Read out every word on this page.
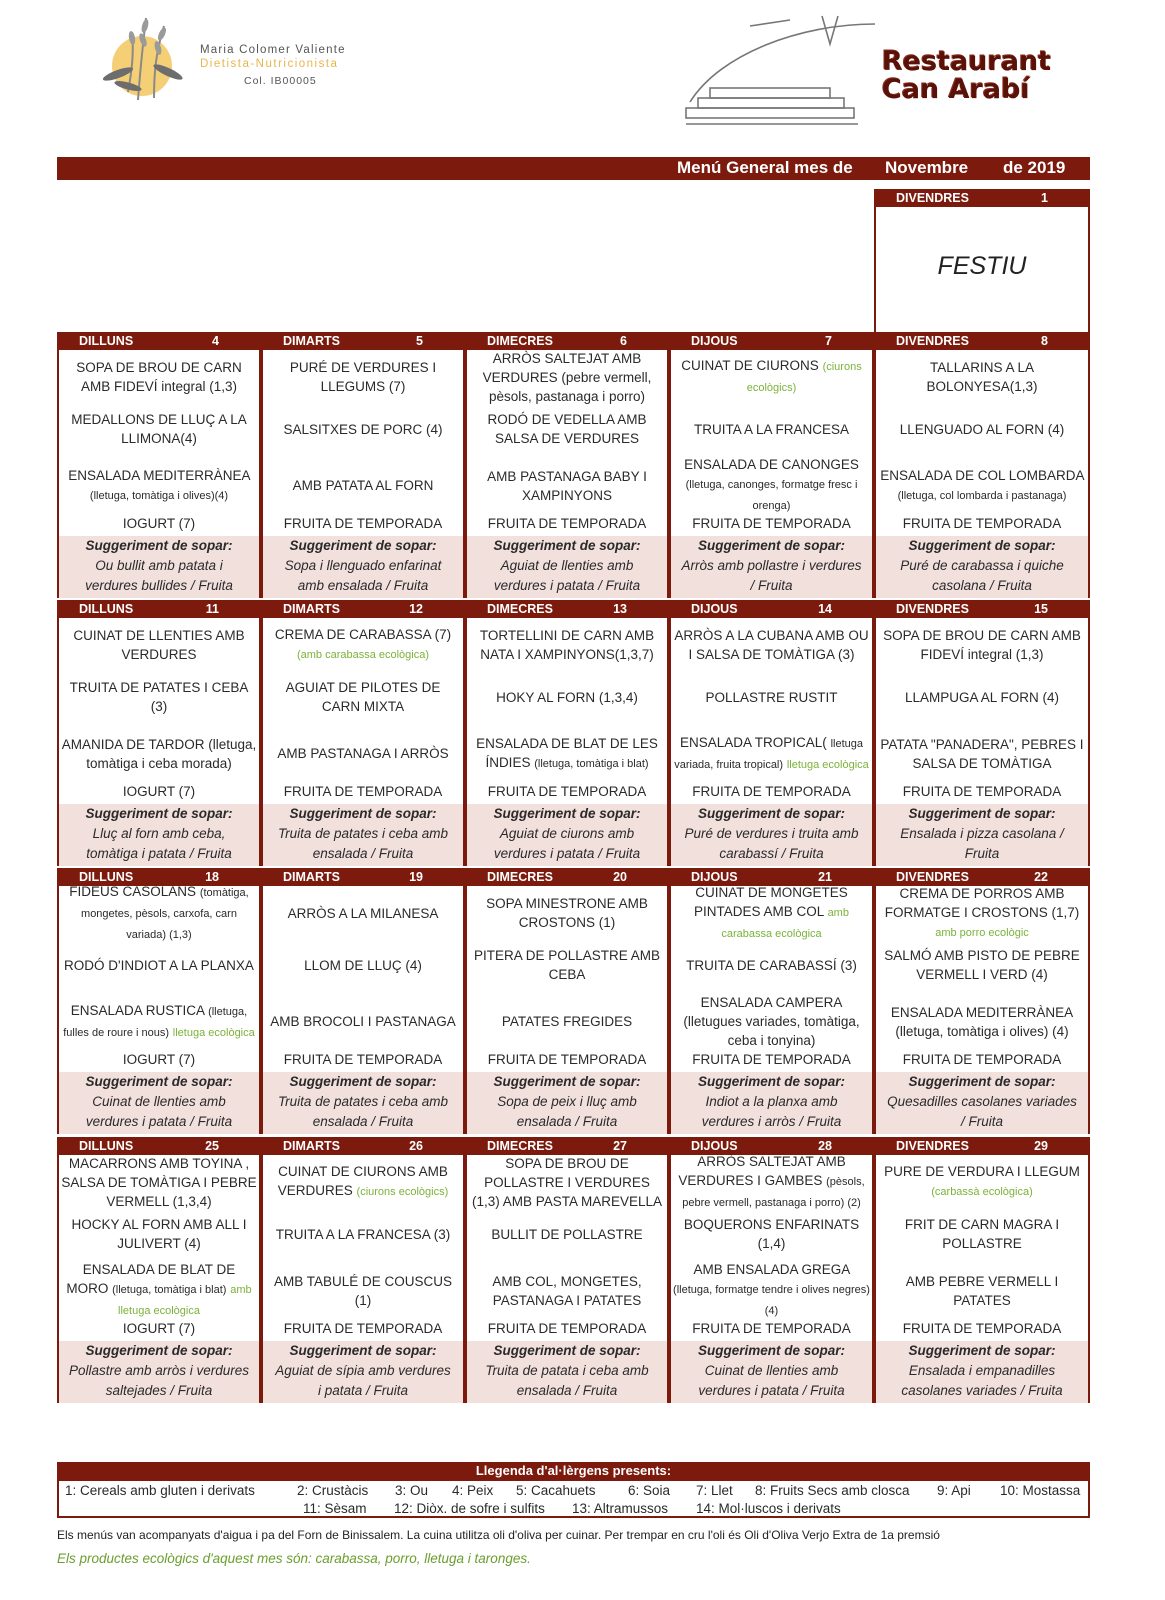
Maria Colomer Valiente
Dietista-Nutricionista
Col. IB00005
Restaurant
Can Arabí
Menú General mes de Novembre de 2019
DIVENDRES	1
FESTIU
DILLUNS	4
SOPA DE BROU DE CARN AMB FIDEVÍ integral (1,3)
MEDALLONS DE LLUÇ A LA LLIMONA(4)
ENSALADA MEDITERRÀNEA (lletuga, tomàtiga i olives)(4)
IOGURT (7)
Suggeriment de sopar:
Ou bullit amb patata i
verdures bullides / Fruita
DIMARTS	5
PURÉ DE VERDURES I LLEGUMS (7)
SALSITXES DE PORC (4)
AMB PATATA AL FORN
FRUITA DE TEMPORADA
Suggeriment de sopar:
Sopa i llenguado enfarinat
amb ensalada / Fruita
DIMECRES	6
ARRÒS SALTEJAT AMB VERDURES (pebre vermell, pèsols, pastanaga i porro)
RODÓ DE VEDELLA AMB SALSA DE VERDURES
AMB PASTANAGA BABY I XAMPINYONS
FRUITA DE TEMPORADA
Suggeriment de sopar:
Aguiat de llenties amb
verdures i patata / Fruita
DIJOUS	7
CUINAT DE CIURONS (ciurons ecològics)
TRUITA A LA FRANCESA
ENSALADA DE CANONGES (lletuga, canonges, formatge fresc i orenga)
FRUITA DE TEMPORADA
Suggeriment de sopar:
Arròs amb pollastre i verdures
/ Fruita
DIVENDRES	8
TALLARINS A LA BOLONYESA(1,3)
LLENGUADO AL FORN (4)
ENSALADA DE COL LOMBARDA (lletuga, col lombarda i pastanaga)
FRUITA DE TEMPORADA
Suggeriment de sopar:
Puré de carabassa i quiche
casolana / Fruita
DILLUNS	11
CUINAT DE LLENTIES AMB VERDURES
TRUITA DE PATATES I CEBA (3)
AMANIDA DE TARDOR (lletuga, tomàtiga i ceba morada)
IOGURT (7)
Suggeriment de sopar:
Lluç al forn amb ceba,
tomàtiga i patata / Fruita
DIMARTS	12
CREMA DE CARABASSA (7) (amb carabassa ecològica)
AGUIAT DE PILOTES DE CARN MIXTA
AMB PASTANAGA I ARRÒS
FRUITA DE TEMPORADA
Suggeriment de sopar:
Truita de patates i ceba amb
ensalada / Fruita
DIMECRES	13
TORTELLINI DE CARN AMB NATA I XAMPINYONS(1,3,7)
HOKY AL FORN (1,3,4)
ENSALADA DE BLAT DE LES ÍNDIES (lletuga, tomàtiga i blat)
FRUITA DE TEMPORADA
Suggeriment de sopar:
Aguiat de ciurons amb
verdures i patata / Fruita
DIJOUS	14
ARRÒS A LA CUBANA AMB OU I SALSA DE TOMÀTIGA (3)
POLLASTRE RUSTIT
ENSALADA TROPICAL( lletuga variada, fruita tropical) lletuga ecològica
FRUITA DE TEMPORADA
Suggeriment de sopar:
Puré de verdures i truita amb
carabassí / Fruita
DIVENDRES	15
SOPA DE BROU DE CARN AMB FIDEVÍ integral (1,3)
LLAMPUGA AL FORN (4)
PATATA "PANADERA", PEBRES I SALSA DE TOMÀTIGA
FRUITA DE TEMPORADA
Suggeriment de sopar:
Ensalada i pizza casolana /
Fruita
DILLUNS	18
FIDEUS CASOLANS (tomàtiga, mongetes, pèsols, carxofa, carn variada) (1,3)
RODÓ D'INDIOT A LA PLANXA
ENSALADA RUSTICA (lletuga, fulles de roure i nous) lletuga ecològica
IOGURT (7)
Suggeriment de sopar:
Cuinat de llenties amb
verdures i patata / Fruita
DIMARTS	19
ARRÒS A LA MILANESA
LLOM DE LLUÇ (4)
AMB BROCOLI I PASTANAGA
FRUITA DE TEMPORADA
Suggeriment de sopar:
Truita de patates i ceba amb
ensalada / Fruita
DIMECRES	20
SOPA MINESTRONE AMB CROSTONS (1)
PITERA DE POLLASTRE AMB CEBA
PATATES FREGIDES
FRUITA DE TEMPORADA
Suggeriment de sopar:
Sopa de peix i lluç amb
ensalada / Fruita
DIJOUS	21
CUINAT DE MONGETES PINTADES AMB COL amb carabassa ecològica
TRUITA DE CARABASSÍ (3)
ENSALADA CAMPERA (lletugues variades, tomàtiga, ceba i tonyina)
FRUITA DE TEMPORADA
Suggeriment de sopar:
Indiot a la planxa amb
verdures i arròs / Fruita
DIVENDRES	22
CREMA DE PORROS AMB FORMATGE I CROSTONS (1,7) amb porro ecològic
SALMÓ AMB PISTO DE PEBRE VERMELL I VERD (4)
ENSALADA MEDITERRÀNEA (lletuga, tomàtiga i olives) (4)
FRUITA DE TEMPORADA
Suggeriment de sopar:
Quesadilles casolanes variades
/ Fruita
DILLUNS	25
MACARRONS AMB TOYINA , SALSA DE TOMÀTIGA I PEBRE VERMELL (1,3,4)
HOCKY AL FORN AMB ALL I JULIVERT (4)
ENSALADA DE BLAT DE MORO (lletuga, tomàtiga i blat) amb lletuga ecològica
IOGURT (7)
Suggeriment de sopar:
Pollastre amb arròs i verdures
saltejades / Fruita
DIMARTS	26
CUINAT DE CIURONS AMB VERDURES (ciurons ecològics)
TRUITA A LA FRANCESA (3)
AMB TABULÉ DE COUSCUS (1)
FRUITA DE TEMPORADA
Suggeriment de sopar:
Aguiat de sípia amb verdures
i patata / Fruita
DIMECRES	27
SOPA DE BROU DE POLLASTRE I VERDURES (1,3) AMB PASTA MAREVELLA
BULLIT DE POLLASTRE
AMB COL, MONGETES, PASTANAGA I PATATES
FRUITA DE TEMPORADA
Suggeriment de sopar:
Truita de patata i ceba amb
ensalada / Fruita
DIJOUS	28
ARRÒS SALTEJAT AMB VERDURES I GAMBES (pèsols, pebre vermell, pastanaga i porro) (2)
BOQUERONS ENFARINATS (1,4)
AMB ENSALADA GREGA (lletuga, formatge tendre i olives negres) (4)
FRUITA DE TEMPORADA
Suggeriment de sopar:
Cuinat de llenties amb
verdures i patata / Fruita
DIVENDRES	29
PURE DE VERDURA I LLEGUM (carbassà ecològica)
FRIT DE CARN MAGRA I POLLASTRE
AMB PEBRE VERMELL I PATATES
FRUITA DE TEMPORADA
Suggeriment de sopar:
Ensalada i empanadilles
casolanes variades / Fruita
Llegenda d'al·lèrgens presents:
1: Cereals amb gluten i derivats	2: Crustàcis 3: Ou 4: Peix 5: Cacahuets 6: Soia 7: Llet 8: Fruits Secs amb closca 9: Api 10: Mostassa
11: Sèsam 12: Diòx. de sofre i sulfits 13: Altramussos 14: Mol·luscos i derivats
Els menús van acompanyats d'aigua i pa del Forn de Binissalem. La cuina utilitza oli d'oliva per cuinar. Per trempar en cru l'oli és Oli d'Oliva Verjo Extra de 1a premsió
Els productes ecològics d'aquest mes són: carabassa, porro, lletuga i taronges.
